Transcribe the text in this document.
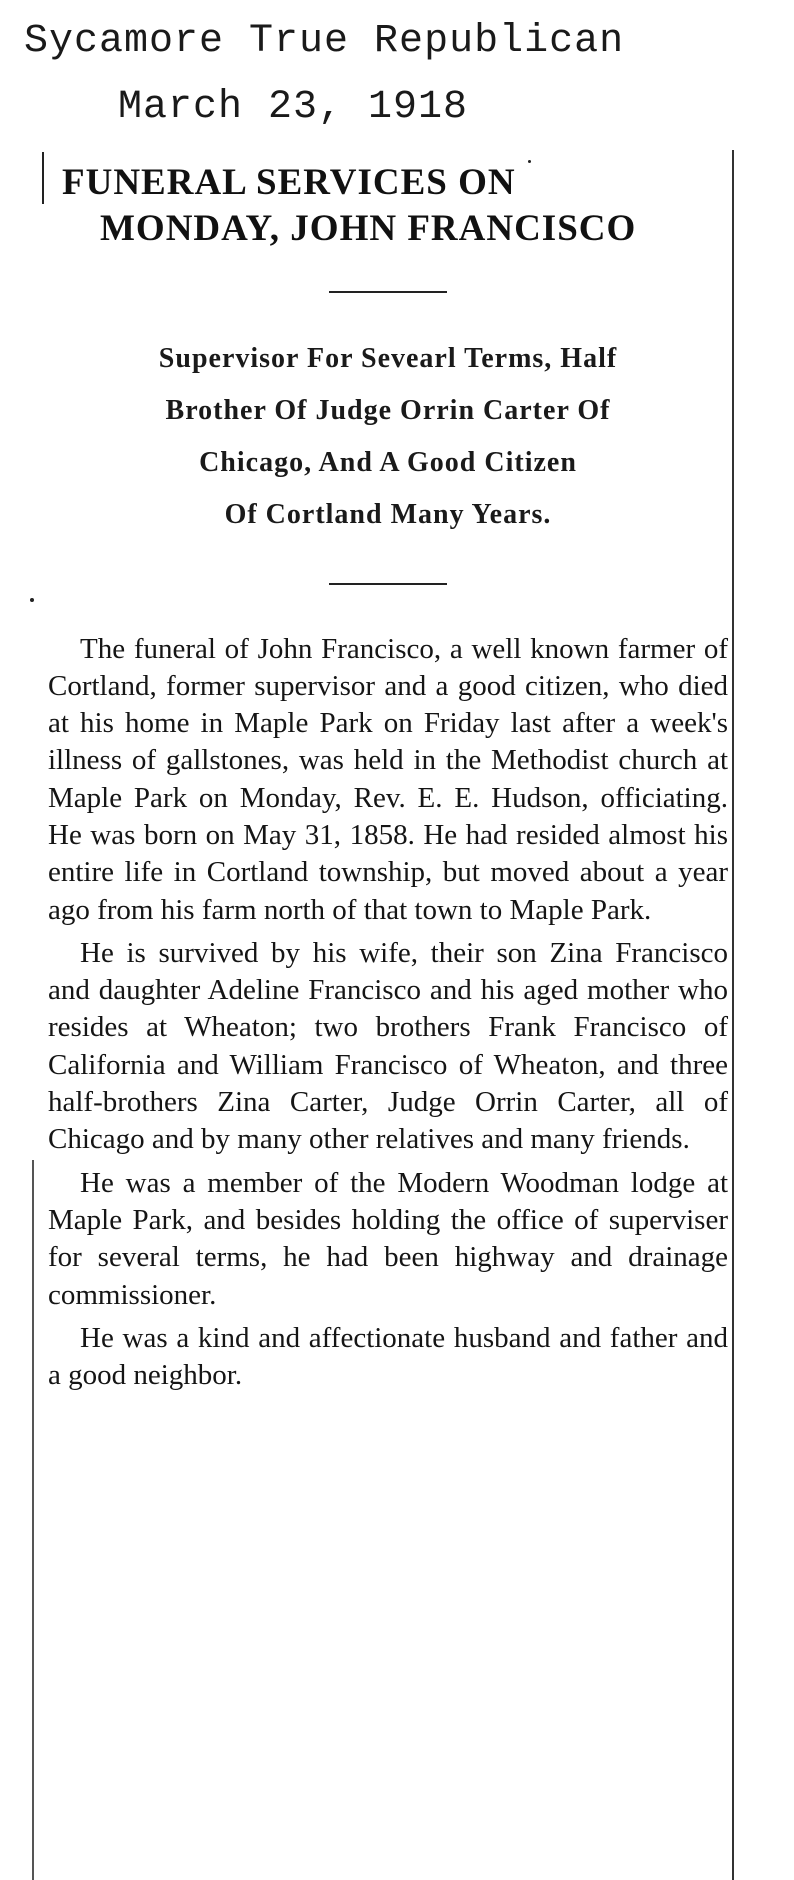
Sycamore True Republican
March 23, 1918
FUNERAL SERVICES ON
MONDAY, JOHN FRANCISCO
Supervisor For Sevearl Terms, Half
Brother Of Judge Orrin Carter Of
Chicago, And A Good Citizen
Of Cortland Many Years.

The funeral of John Francisco, a well known farmer of Cortland, former supervisor and a good citizen, who died at his home in Maple Park on Friday last after a week's illness of gallstones, was held in the Methodist church at Maple Park on Monday, Rev. E. E. Hudson, officiating. He was born on May 31, 1858. He had resided almost his entire life in Cortland township, but moved about a year ago from his farm north of that town to Maple Park.

He is survived by his wife, their son Zina Francisco and daughter Adeline Francisco and his aged mother who resides at Wheaton; two brothers Frank Francisco of California and William Francisco of Wheaton, and three half-brothers Zina Carter, Judge Orrin Carter, all of Chicago and by many other relatives and many friends.

He was a member of the Modern Woodman lodge at Maple Park, and besides holding the office of superviser for several terms, he had been highway and drainage commissioner.

He was a kind and affectionate husband and father and a good neighbor.
